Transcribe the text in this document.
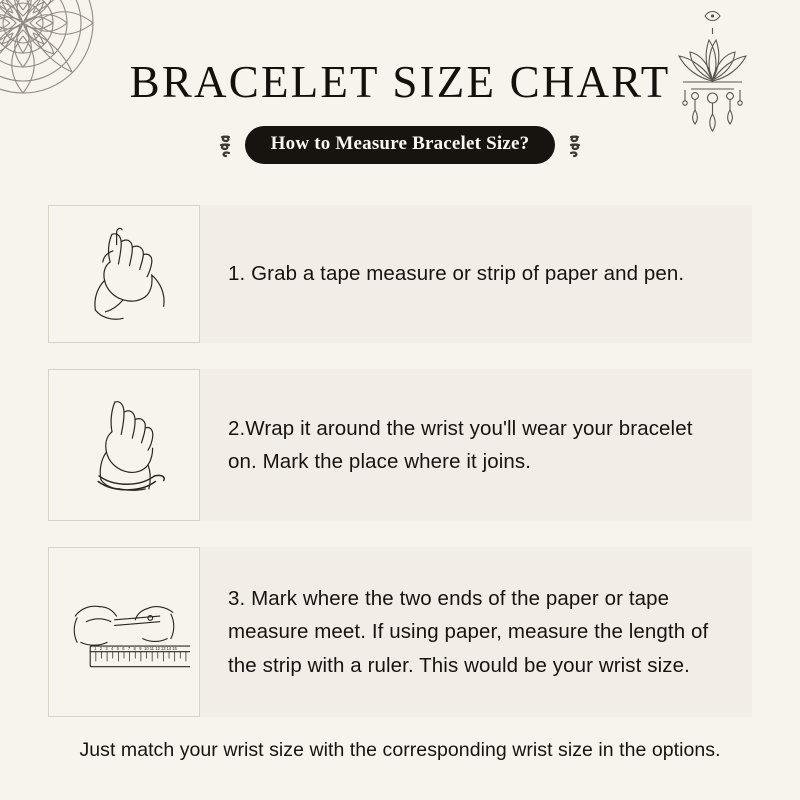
BRACELET SIZE CHART
How to Measure Bracelet Size?
1. Grab a tape measure or strip of paper and pen.
2.Wrap it around the wrist you'll wear your bracelet on. Mark the place where it joins.
1 2 3 4 5 6 7 8 9 10 11 12 13 14 15
3. Mark where the two ends of the paper or tape measure meet. If using paper, measure the length of the strip with a ruler. This would be your wrist size.
Just match your wrist size with the corresponding wrist size in the options.
